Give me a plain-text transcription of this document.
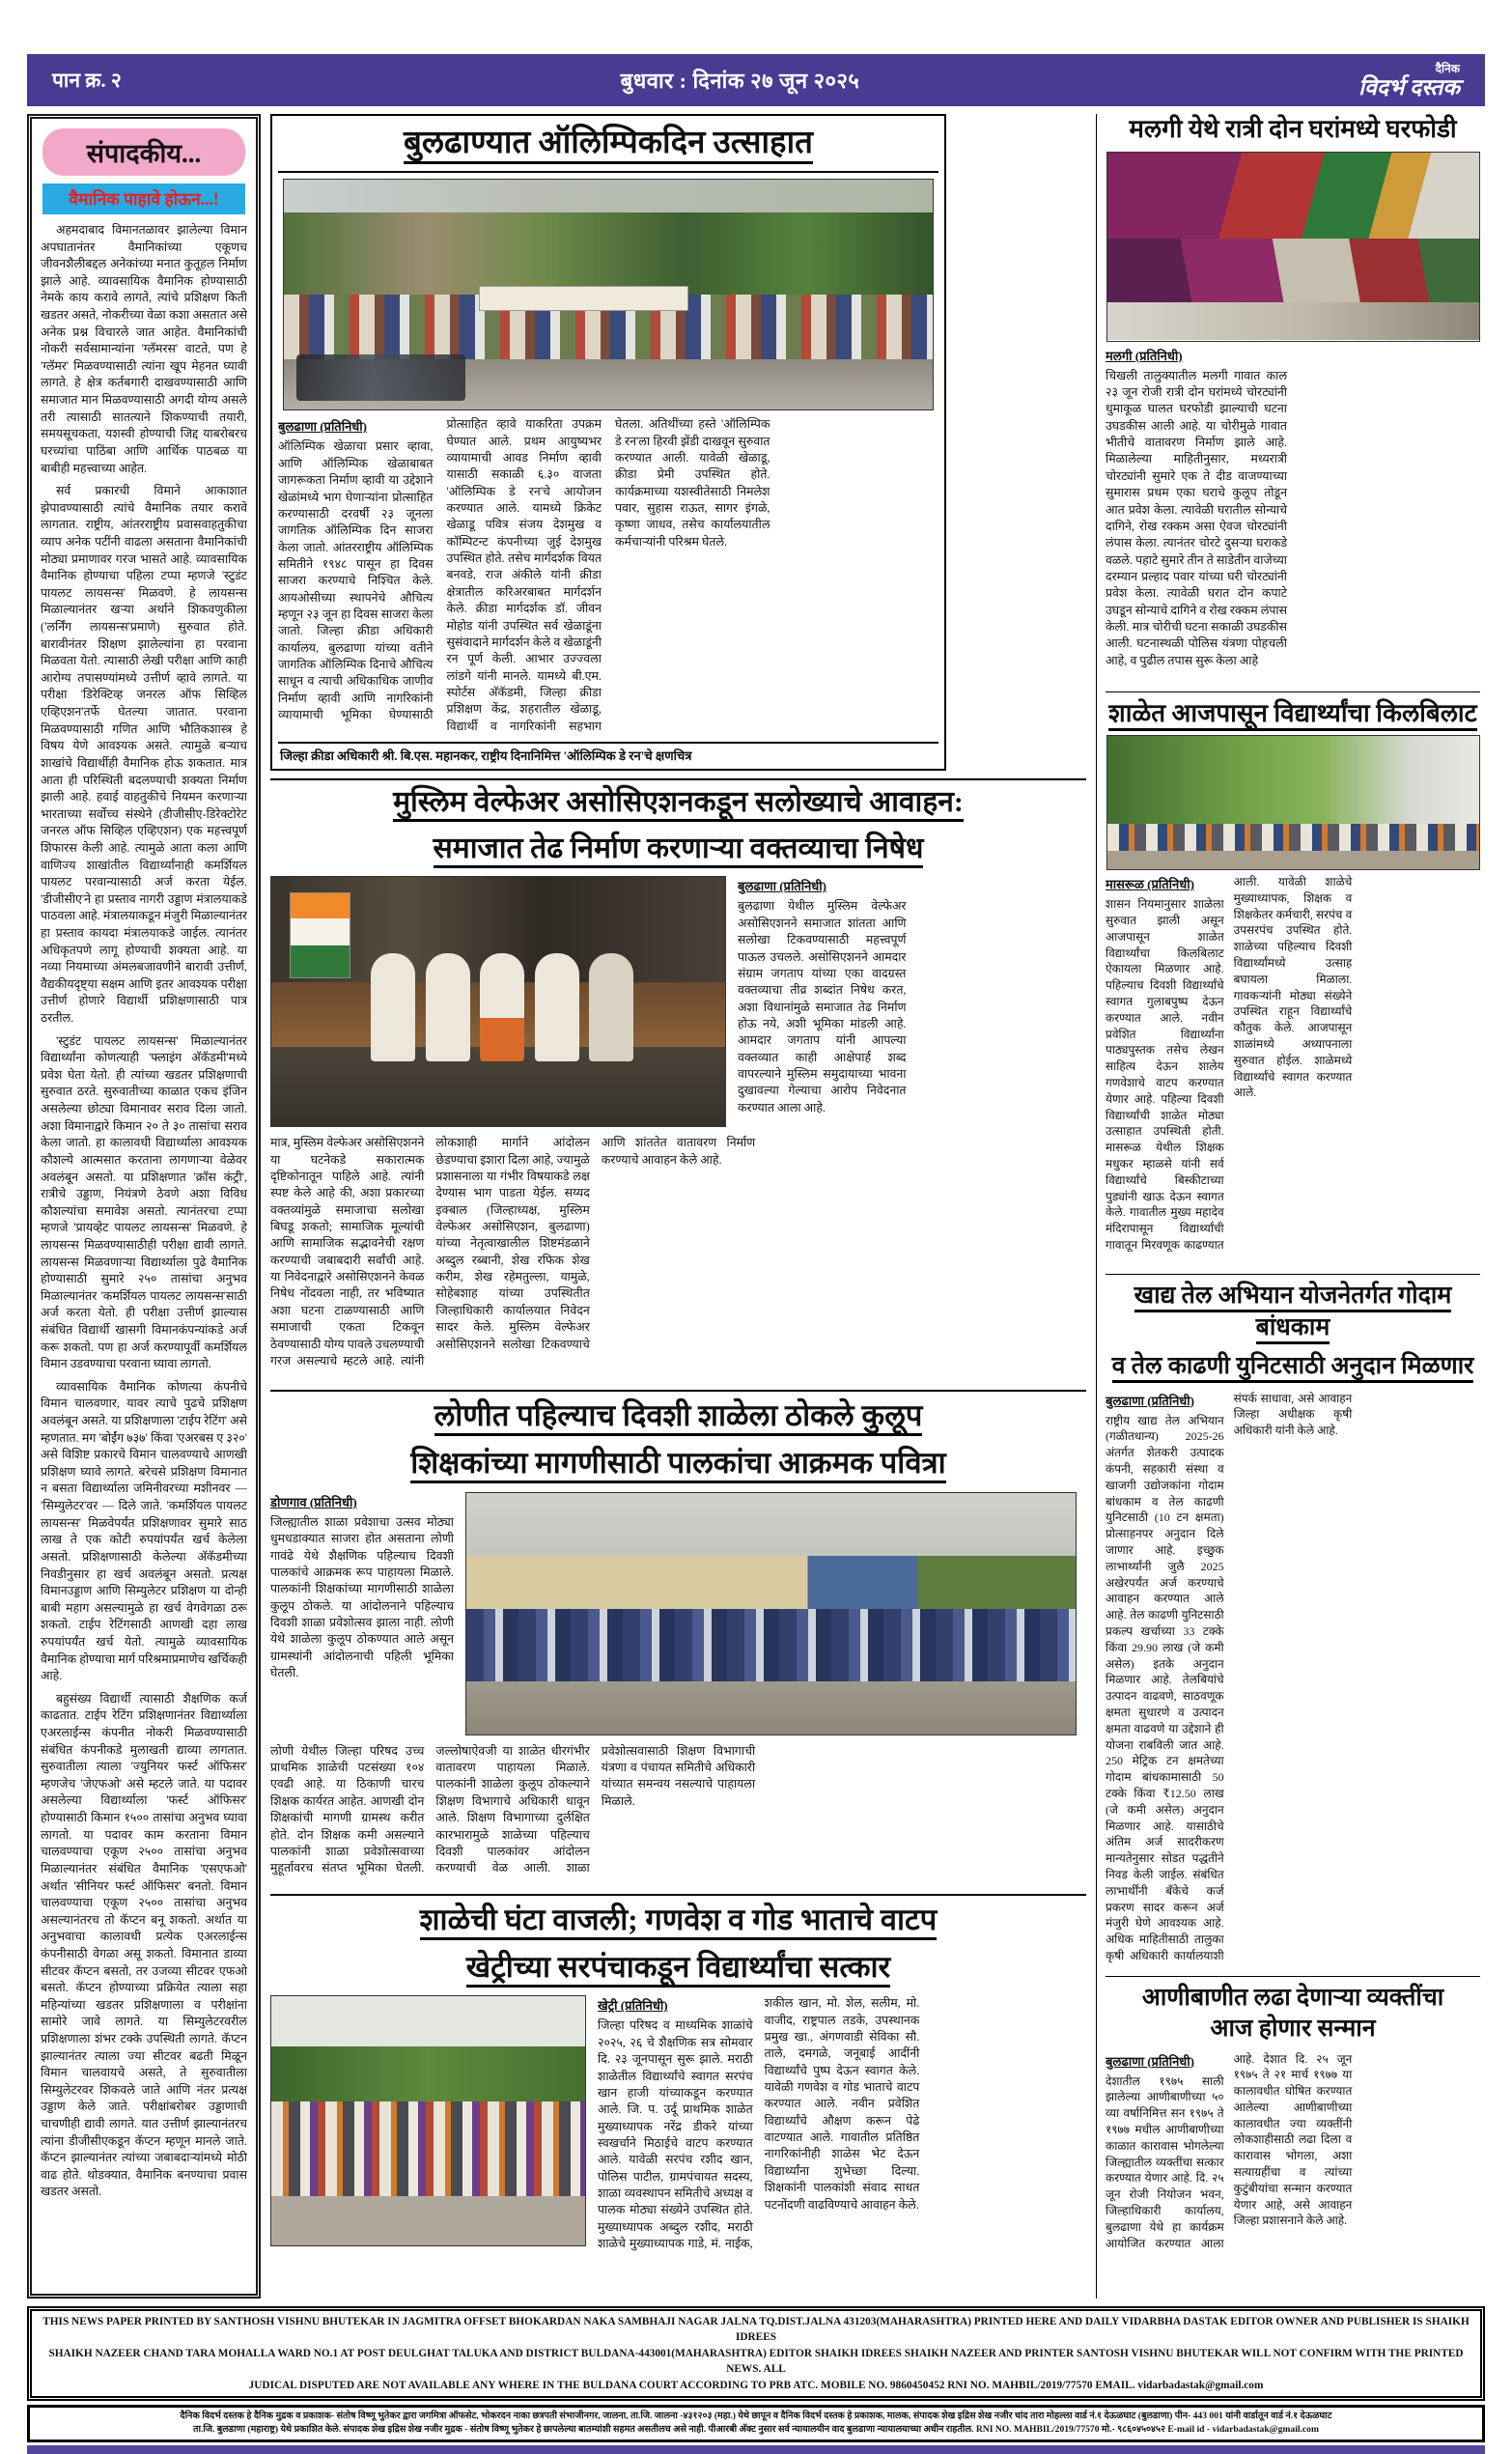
पान क्र. २	बुधवार : दिनांक २७ जून २०२५
दैनिक
विदर्भ दस्तक
संपादकीय...
वैमानिक पाहावे होऊन...!

अहमदाबाद विमानतळावर झालेल्या विमान अपघातानंतर वैमानिकांच्या एकूणच जीवनशैलीबद्दल अनेकांच्या मनात कुतूहल निर्माण झाले आहे. व्यावसायिक वैमानिक होण्यासाठी नेमके काय करावे लागते, त्यांचे प्रशिक्षण किती खडतर असते, नोकरीच्या वेळा कशा असतात असे अनेक प्रश्न विचारले जात आहेत. वैमानिकांची नोकरी सर्वसामान्यांना 'ग्लॅमरस' वाटते, पण हे 'ग्लॅमर' मिळवण्यासाठी त्यांना खूप मेहनत घ्यावी लागते. हे क्षेत्र कर्तबगारी दाखवण्यासाठी आणि समाजात मान मिळवण्यासाठी अगदी योग्य असले तरी त्यासाठी सातत्याने शिकण्याची तयारी, समयसूचकता, यशस्वी होण्याची जिद्द याबरोबरच घरच्यांचा पाठिंबा आणि आर्थिक पाठबळ या बाबीही महत्त्वाच्या आहेत.

सर्व प्रकारची विमाने आकाशात झेपावण्यासाठी त्यांचे वैमानिक तयार करावे लागतात. राष्ट्रीय, आंतरराष्ट्रीय प्रवासवाहतुकीचा व्याप अनेक पटींनी वाढला असताना वैमानिकांची मोठ्या प्रमाणावर गरज भासते आहे. व्यावसायिक वैमानिक होण्याचा पहिला टप्पा म्हणजे 'स्टुडंट पायलट लायसन्स' मिळवणे. हे लायसन्स मिळाल्यानंतर खऱ्या अर्थाने शिकवणुकीला ('लर्निंग लायसन्स'प्रमाणे) सुरुवात होते. बारावीनंतर शिक्षण झालेल्यांना हा परवाना मिळवता येतो. त्यासाठी लेखी परीक्षा आणि काही आरोग्य तपासण्यांमध्ये उत्तीर्ण व्हावे लागते. या परीक्षा 'डिरेक्टिव्ह जनरल ऑफ सिव्हिल एव्हिएशन'तर्फे घेतल्या जातात. परवाना मिळवण्यासाठी गणित आणि भौतिकशास्त्र हे विषय येणे आवश्यक असते. त्यामुळे बऱ्याच शाखांचे विद्यार्थीही वैमानिक होऊ शकतात. मात्र आता ही परिस्थिती बदलण्याची शक्यता निर्माण झाली आहे. हवाई वाहतुकीचे नियमन करणाऱ्या भारताच्या सर्वोच्च संस्थेने (डीजीसीए-डिरेक्टोरेट जनरल ऑफ सिव्हिल एव्हिएशन) एक महत्त्वपूर्ण शिफारस केली आहे. त्यामुळे आता कला आणि वाणिज्य शाखांतील विद्यार्थ्यांनाही कमर्शियल पायलट परवान्यासाठी अर्ज करता येईल. 'डीजीसीए'ने हा प्रस्ताव नागरी उड्डाण मंत्रालयाकडे पाठवला आहे. मंत्रालयाकडून मंजुरी मिळाल्यानंतर हा प्रस्ताव कायदा मंत्रालयाकडे जाईल. त्यानंतर अधिकृतपणे लागू होण्याची शक्यता आहे. या नव्या नियमाच्या अंमलबजावणीने बारावी उत्तीर्ण, वैद्यकीयदृष्ट्या सक्षम आणि इतर आवश्यक परीक्षा उत्तीर्ण होणारे विद्यार्थी प्रशिक्षणासाठी पात्र ठरतील.

'स्टुडंट पायलट लायसन्स' मिळाल्यानंतर विद्यार्थ्यांना कोणत्याही 'फ्लाइंग अ‍ॅकॅडमी'मध्ये प्रवेश घेता येतो. ही त्यांच्या खडतर प्रशिक्षणाची सुरुवात ठरते. सुरुवातीच्या काळात एकच इंजिन असलेल्या छोट्या विमानावर सराव दिला जातो. अशा विमानाद्वारे किमान २० ते ३० तासांचा सराव केला जातो. हा कालावधी विद्यार्थ्याला आवश्यक कौशल्ये आत्मसात करताना लागणाऱ्या वेळेवर अवलंबून असतो. या प्रशिक्षणात 'क्रॉस कंट्री', रात्रीचे उड्डाण, नियंत्रणे ठेवणे अशा विविध कौशल्यांचा समावेश असतो. त्यानंतरचा टप्पा म्हणजे 'प्रायव्हेट पायलट लायसन्स' मिळवणे. हे लायसन्स मिळवण्यासाठीही परीक्षा द्यावी लागते. लायसन्स मिळवणाऱ्या विद्यार्थ्याला पुढे वैमानिक होण्यासाठी सुमारे २५० तासांचा अनुभव मिळाल्यानंतर 'कमर्शियल पायलट लायसन्स'साठी अर्ज करता येतो. ही परीक्षा उत्तीर्ण झाल्यास संबंधित विद्यार्थी खासगी विमानकंपन्यांकडे अर्ज करू शकतो. पण हा अर्ज करण्यापूर्वी कमर्शियल विमान उडवण्याचा परवाना घ्यावा लागतो.

व्यावसायिक वैमानिक कोणत्या कंपनीचे विमान चालवणार, यावर त्याचे पुढचे प्रशिक्षण अवलंबून असते. या प्रशिक्षणाला 'टाईप रेटिंग' असे म्हणतात. मग 'बोईंग ७३७' किंवा 'एअरबस ए ३२०' असे विशिष्ट प्रकारचे विमान चालवण्याचे आणखी प्रशिक्षण घ्यावे लागते. बरेचसे प्रशिक्षण विमानात न बसता विद्यार्थ्याला जमिनीवरच्या मशीनवर — 'सिम्युलेटर'वर — दिले जाते. 'कमर्शियल पायलट लायसन्स' मिळवेपर्यंत प्रशिक्षणावर सुमारे साठ लाख ते एक कोटी रुपयांपर्यंत खर्च केलेला असतो. प्रशिक्षणासाठी केलेल्या अ‍ॅकॅडमीच्या निवडीनुसार हा खर्च अवलंबून असतो. प्रत्यक्ष विमानउड्डाण आणि सिम्युलेटर प्रशिक्षण या दोन्ही बाबी महाग असल्यामुळे हा खर्च वेगवेगळा ठरू शकतो. टाईप रेटिंगसाठी आणखी दहा लाख रुपयांपर्यंत खर्च येतो. त्यामुळे व्यावसायिक वैमानिक होण्याचा मार्ग परिश्रमाप्रमाणेच खर्चिकही आहे.

बहुसंख्य विद्यार्थी त्यासाठी शैक्षणिक कर्ज काढतात. टाईप रेटिंग प्रशिक्षणानंतर विद्यार्थ्याला एअरलाईन्स कंपनीत नोकरी मिळवण्यासाठी संबंधित कंपनीकडे मुलाखती द्याव्या लागतात. सुरुवातीला त्याला 'ज्युनियर फर्स्ट ऑफिसर' म्हणजेच 'जेएफओ' असे म्हटले जाते. या पदावर असलेल्या विद्यार्थ्याला 'फर्स्ट ऑफिसर' होण्यासाठी किमान १५०० तासांचा अनुभव घ्यावा लागतो. या पदावर काम करताना विमान चालवण्याचा एकूण २५०० तासांचा अनुभव मिळाल्यानंतर संबंधित वैमानिक 'एसएफओ' अर्थात 'सीनियर फर्स्ट ऑफिसर' बनतो. विमान चालवण्याचा एकूण २५०० तासांचा अनुभव असल्यानंतरच तो कॅप्टन बनू शकतो. अर्थात या अनुभवाचा कालावधी प्रत्येक एअरलाईन्स कंपनीसाठी वेगळा असू शकतो. विमानात डाव्या सीटवर कॅप्टन बसतो, तर उजव्या सीटवर एफओ बसतो. कॅप्टन होण्याच्या प्रक्रियेत त्याला सहा महिन्यांच्या खडतर प्रशिक्षणाला व परीक्षांना सामोरे जावे लागते. या सिम्युलेटरवरील प्रशिक्षणाला शंभर टक्के उपस्थिती लागते. कॅप्टन झाल्यानंतर त्याला ज्या सीटवर बढती मिळून विमान चालवायचे असते, ते सुरुवातीला सिम्युलेटरवर शिकवले जाते आणि नंतर प्रत्यक्ष उड्डाण केले जाते. परीक्षांबरोबर उड्डाणाची चाचणीही द्यावी लागते. यात उत्तीर्ण झाल्यानंतरच त्यांना डीजीसीएकडून कॅप्टन म्हणून मानले जाते. कॅप्टन झाल्यानंतर त्यांच्या जबाबदाऱ्यांमध्ये मोठी वाढ होते. थोडक्यात, वैमानिक बनण्याचा प्रवास खडतर असतो.

बुलढाण्यात ऑलिम्पिकदिन उत्साहात
बुलढाणा (प्रतिनिधी)
ऑलिम्पिक खेळाचा प्रसार व्हावा, आणि ऑलिम्पिक खेळाबाबत जागरूकता निर्माण व्हावी या उद्देशाने खेळांमध्ये भाग घेणाऱ्यांना प्रोत्साहित करण्यासाठी दरवर्षी २३ जूनला जागतिक ऑलिम्पिक दिन साजरा केला जातो. आंतरराष्ट्रीय ऑलिम्पिक समितीने १९४८ पासून हा दिवस साजरा करण्याचे निश्चित केले. आयओसीच्या स्थापनेचे औचित्य म्हणून २३ जून हा दिवस साजरा केला जातो. जिल्हा क्रीडा अधिकारी कार्यालय, बुलढाणा यांच्या वतीने जागतिक ऑलिम्पिक दिनाचे औचित्य साधून व त्याची अधिकाधिक जाणीव निर्माण व्हावी आणि नागरिकांनी व्यायामाची भूमिका घेण्यासाठी प्रोत्साहित व्हावे याकरिता उपक्रम घेण्यात आले. प्रथम आयुष्यभर व्यायामाची आवड निर्माण व्हावी यासाठी सकाळी ६.३० वाजता 'ऑलिम्पिक डे रन'चे आयोजन करण्यात आले. यामध्ये क्रिकेट खेळाडू पवित्र संजय देशमुख व कॉम्पिटन्ट कंपनीच्या जुई देशमुख उपस्थित होते. तसेच मार्गदर्शक वियत बनवडे, राज अंकीले यांनी क्रीडा क्षेत्रातील करिअरबाबत मार्गदर्शन केले. क्रीडा मार्गदर्शक डॉ. जीवन मोहोड यांनी उपस्थित सर्व खेळाडूंना सुसंवादाने मार्गदर्शन केले व खेळाडूंनी रन पूर्ण केली. आभार उज्ज्वला लांडगे यांनी मानले. यामध्ये बी.एम. स्पोर्टस अ‍ॅकॅडमी, जिल्हा क्रीडा प्रशिक्षण केंद्र, शहरातील खेळाडू, विद्यार्थी व नागरिकांनी सहभाग घेतला. अतिथींच्या हस्ते 'ऑलिम्पिक डे रन'ला हिरवी झेंडी दाखवून सुरुवात करण्यात आली. यावेळी खेळाडू, क्रीडा प्रेमी उपस्थित होते. कार्यक्रमाच्या यशस्वीतेसाठी निमलेश पवार, सुहास राऊत, सागर इंगळे, कृष्णा जाधव, तसेच कार्यालयातील कर्मचाऱ्यांनी परिश्रम घेतले.
जिल्हा क्रीडा अधिकारी श्री. बि.एस. महानकर, राष्ट्रीय दिनानिमित्त 'ऑलिम्पिक डे रन'चे क्षणचित्र
मुस्लिम वेल्फेअर असोसिएशनकडून सलोख्याचे आवाहन:
समाजात तेढ निर्माण करणाऱ्या वक्तव्याचा निषेध
बुलढाणा (प्रतिनिधी)
बुलढाणा येथील मुस्लिम वेल्फेअर असोसिएशनने समाजात शांतता आणि सलोखा टिकवण्यासाठी महत्त्वपूर्ण पाऊल उचलले. असोसिएशनने आमदार संग्राम जगताप यांच्या एका वादग्रस्त वक्तव्याचा तीव्र शब्दांत निषेध करत, अशा विधानांमुळे समाजात तेढ निर्माण होऊ नये, अशी भूमिका मांडली आहे. आमदार जगताप यांनी आपल्या वक्तव्यात काही आक्षेपार्ह शब्द वापरल्याने मुस्लिम समुदायाच्या भावना दुखावल्या गेल्याचा आरोप निवेदनात करण्यात आला आहे.
मात्र, मुस्लिम वेल्फेअर असोसिएशनने या घटनेकडे सकारात्मक दृष्टिकोनातून पाहिले आहे. त्यांनी स्पष्ट केले आहे की, अशा प्रकारच्या वक्तव्यांमुळे समाजाचा सलोखा बिघडू शकतो; सामाजिक मूल्यांची आणि सामाजिक सद्भावनेची रक्षण करण्याची जबाबदारी सर्वांची आहे. या निवेदनाद्वारे असोसिएशनने केवळ निषेध नोंदवला नाही, तर भविष्यात अशा घटना टाळण्यासाठी आणि समाजाची एकता टिकवून ठेवण्यासाठी योग्य पावले उचलण्याची गरज असल्याचे म्हटले आहे. त्यांनी लोकशाही मार्गाने आंदोलन छेडण्याचा इशारा दिला आहे, ज्यामुळे प्रशासनाला या गंभीर विषयाकडे लक्ष देण्यास भाग पाडता येईल. सय्यद इक्बाल (जिल्हाध्यक्ष, मुस्लिम वेल्फेअर असोसिएशन, बुलढाणा) यांच्या नेतृत्वाखालील शिष्टमंडळाने अब्दुल रब्बानी, शेख रफिक शेख करीम, शेख रहेमतुल्ला, यामुळे, सोहेबशाह यांच्या उपस्थितीत जिल्हाधिकारी कार्यालयात निवेदन सादर केले. मुस्लिम वेल्फेअर असोसिएशनने सलोखा टिकवण्याचे आणि शांततेत वातावरण निर्माण करण्याचे आवाहन केले आहे.
लोणीत पहिल्याच दिवशी शाळेला ठोकले कुलूप
शिक्षकांच्या मागणीसाठी पालकांचा आक्रमक पवित्रा
डोणगाव (प्रतिनिधी)
जिल्ह्यातील शाळा प्रवेशाचा उत्सव मोठ्या धुमधडाक्यात साजरा होत असताना लोणी गावंढे येथे शैक्षणिक पहिल्याच दिवशी पालकांचे आक्रमक रूप पाहायला मिळाले. पालकांनी शिक्षकांच्या मागणीसाठी शाळेला कुलूप ठोकले. या आंदोलनाने पहिल्याच दिवशी शाळा प्रवेशोत्सव झाला नाही. लोणी येथे शाळेला कुलूप ठोकण्यात आले असून ग्रामस्थांनी आंदोलनाची पहिली भूमिका घेतली.
लोणी येथील जिल्हा परिषद उच्च प्राथमिक शाळेची पटसंख्या १०४ एवढी आहे. या ठिकाणी चारच शिक्षक कार्यरत आहेत. आणखी दोन शिक्षकांची मागणी ग्रामस्थ करीत होते. दोन शिक्षक कमी असल्याने पालकांनी शाळा प्रवेशोत्सवाच्या मुहूर्तावरच संतप्त भूमिका घेतली. जल्लोषाऐवजी या शाळेत धीरगंभीर वातावरण पाहायला मिळाले. पालकांनी शाळेला कुलूप ठोकल्याने शिक्षण विभागाचे अधिकारी धावून आले. शिक्षण विभागाच्या दुर्लक्षित कारभारामुळे शाळेच्या पहिल्याच दिवशी पालकांवर आंदोलन करण्याची वेळ आली. शाळा प्रवेशोत्सवासाठी शिक्षण विभागाची यंत्रणा व पंचायत समितीचे अधिकारी यांच्यात समन्वय नसल्याचे पाहायला मिळाले.
शाळेची घंटा वाजली; गणवेश व गोड भाताचे वाटप
खेट्रीच्या सरपंचाकडून विद्यार्थ्यांचा सत्कार
खेट्री (प्रतिनिधी)
जिल्हा परिषद व माध्यमिक शाळांचे २०२५, २६ चे शैक्षणिक सत्र सोमवार दि. २३ जूनपासून सुरू झाले. मराठी शाळेतील विद्यार्थ्यांचे स्वागत सरपंच खान हाजी यांच्याकडून करण्यात आले. जि. प. उर्दू प्राथमिक शाळेत मुख्याध्यापक नरेंद्र डीकरे यांच्या स्वखर्चाने मिठाईचे वाटप करण्यात आले. यावेळी सरपंच रशीद खान, पोलिस पाटील, ग्रामपंचायत सदस्य, शाळा व्यवस्थापन समितीचे अध्यक्ष व पालक मोठ्या संख्येने उपस्थित होते. मुख्याध्यापक अब्दुल रशीद, मराठी शाळेचे मुख्याध्यापक गाडे, मं. नाईक, शकील खान, मो. शेल, सलीम, मो. वाजीद, राष्ट्रपाल तडके, उपस्थानक प्रमुख खा., अंगणवाडी सेविका सौ. ताले, दमगळे, जनूबाई आदींनी विद्यार्थ्यांचे पुष्प देऊन स्वागत केले. यावेळी गणवेश व गोड भाताचे वाटप करण्यात आले. नवीन प्रवेशित विद्यार्थ्यांचे औक्षण करून पेढे वाटण्यात आले. गावातील प्रतिष्ठित नागरिकांनीही शाळेस भेट देऊन विद्यार्थ्यांना शुभेच्छा दिल्या. शिक्षकांनी पालकांशी संवाद साधत पटनोंदणी वाढविण्याचे आवाहन केले.
मलगी येथे रात्री दोन घरांमध्ये घरफोडी
मलगी (प्रतिनिधी)
चिखली तालुक्यातील मलगी गावात काल २३ जून रोजी रात्री दोन घरांमध्ये चोरट्यांनी धुमाकूळ घालत घरफोडी झाल्याची घटना उघडकीस आली आहे. या चोरीमुळे गावात भीतीचे वातावरण निर्माण झाले आहे. मिळालेल्या माहितीनुसार, मध्यरात्री चोरट्यांनी सुमारे एक ते दीड वाजण्याच्या सुमारास प्रथम एका घराचे कुलूप तोडून आत प्रवेश केला. त्यावेळी घरातील सोन्याचे दागिने, रोख रक्कम असा ऐवज चोरट्यांनी लंपास केला. त्यानंतर चोरटे दुसऱ्या घराकडे वळले. पहाटे सुमारे तीन ते साडेतीन वाजेच्या दरम्यान प्रल्हाद पवार यांच्या घरी चोरट्यांनी प्रवेश केला. त्यावेळी घरात दोन कपाटे उघडून सोन्याचे दागिने व रोख रक्कम लंपास केली. मात्र चोरीची घटना सकाळी उघडकीस आली. घटनास्थळी पोलिस यंत्रणा पोहचली आहे, व पुढील तपास सुरू केला आहे
शाळेत आजपासून विद्यार्थ्यांचा किलबिलाट
मासरूळ (प्रतिनिधी)
शासन नियमानुसार शाळेला सुरुवात झाली असून आजपासून शाळेत विद्यार्थ्यांचा किलबिलाट ऐकायला मिळणार आहे. पहिल्याच दिवशी विद्यार्थ्यांचे स्वागत गुलाबपुष्प देऊन करण्यात आले. नवीन प्रवेशित विद्यार्थ्यांना पाठ्यपुस्तक तसेच लेखन साहित्य देऊन शालेय गणवेशाचे वाटप करण्यात येणार आहे. पहिल्या दिवशी विद्यार्थ्यांची शाळेत मोठ्या उत्साहात उपस्थिती होती. मासरूळ येथील शिक्षक मधुकर म्हाळसे यांनी सर्व विद्यार्थ्यांचे बिस्कीटाच्या पुड्यांनी खाऊ देऊन स्वागत केले. गावातील मुख्य महादेव मंदिरापासून विद्यार्थ्यांची गावातून मिरवणूक काढण्यात आली. यावेळी शाळेचे मुख्याध्यापक, शिक्षक व शिक्षकेतर कर्मचारी, सरपंच व उपसरपंच उपस्थित होते. शाळेच्या पहिल्याच दिवशी विद्यार्थ्यांमध्ये उत्साह बघायला मिळाला. गावकऱ्यांनी मोठ्या संख्येने उपस्थित राहून विद्यार्थ्यांचे कौतुक केले. आजपासून शाळांमध्ये अध्यापनाला सुरुवात होईल. शाळेमध्ये विद्यार्थ्यांचे स्वागत करण्यात आले.
खाद्य तेल अभियान योजनेतर्गत गोदाम बांधकाम
व तेल काढणी युनिटसाठी अनुदान मिळणार
बुलढाणा (प्रतिनिधी)
राष्ट्रीय खाद्य तेल अभियान (गळीतधान्य) 2025-26 अंतर्गत शेतकरी उत्पादक कंपनी, सहकारी संस्था व खाजगी उद्योजकांना गोदाम बांधकाम व तेल काढणी युनिटसाठी (10 टन क्षमता) प्रोत्साहनपर अनुदान दिले जाणार आहे. इच्छुक लाभार्थ्यांनी जुलै 2025 अखेरपर्यंत अर्ज करण्याचे आवाहन करण्यात आले आहे. तेल काढणी युनिटसाठी प्रकल्प खर्चाच्या 33 टक्के किंवा 29.90 लाख (जे कमी असेल) इतके अनुदान मिळणार आहे. तेलबियांचे उत्पादन वाढवणे, साठवणूक क्षमता सुधारणे व उत्पादन क्षमता वाढवणे या उद्देशाने ही योजना राबविली जात आहे. 250 मेट्रिक टन क्षमतेच्या गोदाम बांधकामासाठी 50 टक्के किंवा ₹12.50 लाख (जे कमी असेल) अनुदान मिळणार आहे. यासाठीचे अंतिम अर्ज सादरीकरण मान्यतेनुसार सोडत पद्धतीने निवड केली जाईल. संबंधित लाभार्थींनी बँकेचे कर्ज प्रकरण सादर करून अर्ज मंजुरी घेणे आवश्यक आहे. अधिक माहितीसाठी तालुका कृषी अधिकारी कार्यालयाशी संपर्क साधावा, असे आवाहन जिल्हा अधीक्षक कृषी अधिकारी यांनी केले आहे.
आणीबाणीत लढा देणाऱ्या व्यक्तींचा
आज होणार सन्मान
बुलढाणा (प्रतिनिधी)
देशातील १९७५ साली झालेल्या आणीबाणीच्या ५० व्या वर्षानिमित्त सन १९७५ ते १९७७ मधील आणीबाणीच्या काळात कारावास भोगलेल्या जिल्ह्यातील व्यक्तींचा सत्कार करण्यात येणार आहे. दि. २५ जून रोजी नियोजन भवन, जिल्हाधिकारी कार्यालय, बुलढाणा येथे हा कार्यक्रम आयोजित करण्यात आला आहे. देशात दि. २५ जून १९७५ ते २१ मार्च १९७७ या कालावधीत घोषित करण्यात आलेल्या आणीबाणीच्या कालावधीत ज्या व्यक्तींनी लोकशाहीसाठी लढा दिला व कारावास भोगला, अशा सत्याग्रहींचा व त्यांच्या कुटुंबीयांचा सन्मान करण्यात येणार आहे, असे आवाहन जिल्हा प्रशासनाने केले आहे.
THIS NEWS PAPER PRINTED BY SANTHOSH VISHNU BHUTEKAR IN JAGMITRA OFFSET BHOKARDAN NAKA SAMBHAJI NAGAR JALNA TQ.DIST.JALNA 431203(MAHARASHTRA) PRINTED HERE AND DAILY VIDARBHA DASTAK EDITOR OWNER AND PUBLISHER IS SHAIKH IDREES
SHAIKH NAZEER CHAND TARA MOHALLA WARD NO.1 AT POST DEULGHAT TALUKA AND DISTRICT BULDANA-443001(MAHARASHTRA) EDITOR SHAIKH IDREES SHAIKH NAZEER AND PRINTER SANTOSH VISHNU BHUTEKAR WILL NOT CONFIRM WITH THE PRINTED NEWS. ALL
JUDICAL DISPUTED ARE NOT AVAILABLE ANY WHERE IN THE BULDANA COURT ACCORDING TO PRB ATC. MOBILE NO. 9860450452 RNI NO. MAHBIL/2019/77570 EMAIL. vidarbadastak@gmail.com
दैनिक विदर्भ दस्तक हे दैनिक मुद्रक व प्रकाशक- संतोष विष्णू भुतेकर द्वारा जगमित्रा ऑफसेट, भोकरदन नाका छत्रपती संभाजीनगर, जालना, ता.जि. जालना -४३१२०३ (महा.) येथे छापून व दैनिक विदर्भ दस्तक हे प्रकाशक, मालक, संपादक शेख इद्रिस शेख नजीर चांद तारा मोहल्ला वार्ड नं.१ देऊळघाट (बुलडाणा) पीन- 443 001 यांनी वार्डातून वार्ड नं.१ देऊळघाट
ता.जि. बुलडाणा (महाराष्ट्र) येथे प्रकाशित केले. संपादक शेख इद्रिस शेख नजीर मुद्रक - संतोष विष्णू भुतेकर हे छापलेल्या बातम्यांशी सहमत असतीलच असे नाही. पीआरबी अ‍ॅक्ट नुसार सर्व न्यायालयीन वाद बुलडाणा न्यायालयाच्या अधीन राहतील. RNI NO. MAHBIL/2019/77570 मो.- ९८६०४५०४५२ E-mail id - vidarbadastak@gmail.com
